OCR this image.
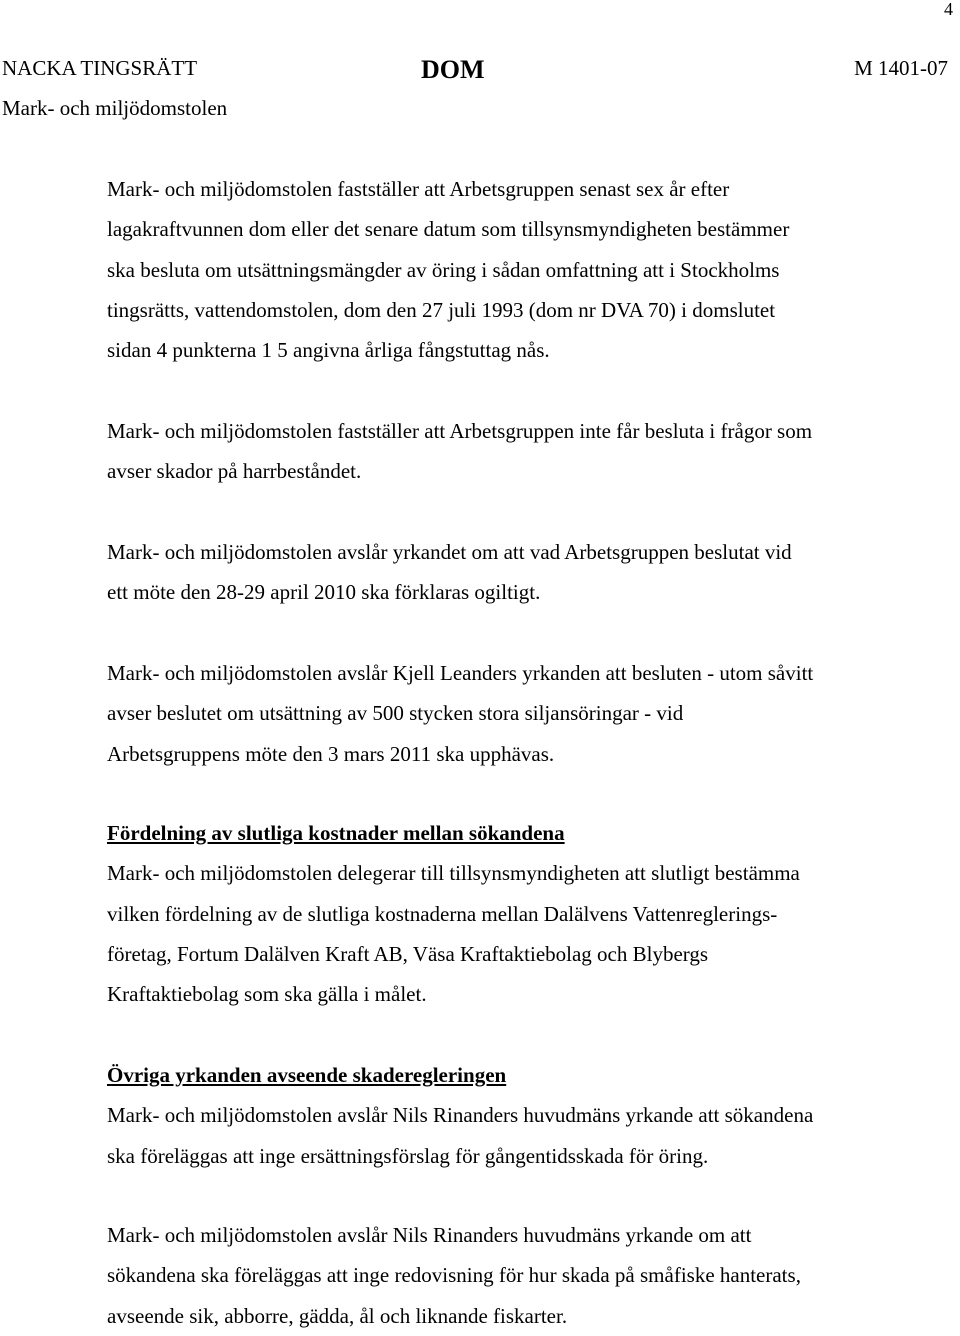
4
NACKA TINGSRÄTT	DOM	M 1401-07
Mark- och miljödomstolen
Mark- och miljödomstolen fastställer att Arbetsgruppen senast sex år efter
lagakraftvunnen dom eller det senare datum som tillsynsmyndigheten bestämmer
ska besluta om utsättningsmängder av öring i sådan omfattning att i Stockholms
tingsrätts, vattendomstolen, dom den 27 juli 1993 (dom nr DVA 70) i domslutet
sidan 4 punkterna 1 5 angivna årliga fångstuttag nås.
Mark- och miljödomstolen fastställer att Arbetsgruppen inte får besluta i frågor som
avser skador på harrbeståndet.
Mark- och miljödomstolen avslår yrkandet om att vad Arbetsgruppen beslutat vid
ett möte den 28-29 april 2010 ska förklaras ogiltigt.
Mark- och miljödomstolen avslår Kjell Leanders yrkanden att besluten - utom såvitt
avser beslutet om utsättning av 500 stycken stora siljansöringar - vid
Arbetsgruppens möte den 3 mars 2011 ska upphävas.
Fördelning av slutliga kostnader mellan sökandena
Mark- och miljödomstolen delegerar till tillsynsmyndigheten att slutligt bestämma
vilken fördelning av de slutliga kostnaderna mellan Dalälvens Vattenreglerings-
företag, Fortum Dalälven Kraft AB, Väsa Kraftaktiebolag och Blybergs
Kraftaktiebolag som ska gälla i målet.
Övriga yrkanden avseende skaderegleringen
Mark- och miljödomstolen avslår Nils Rinanders huvudmäns yrkande att sökandena
ska föreläggas att inge ersättningsförslag för gångentidsskada för öring.
Mark- och miljödomstolen avslår Nils Rinanders huvudmäns yrkande om att
sökandena ska föreläggas att inge redovisning för hur skada på småfiske hanterats,
avseende sik, abborre, gädda, ål och liknande fiskarter.
